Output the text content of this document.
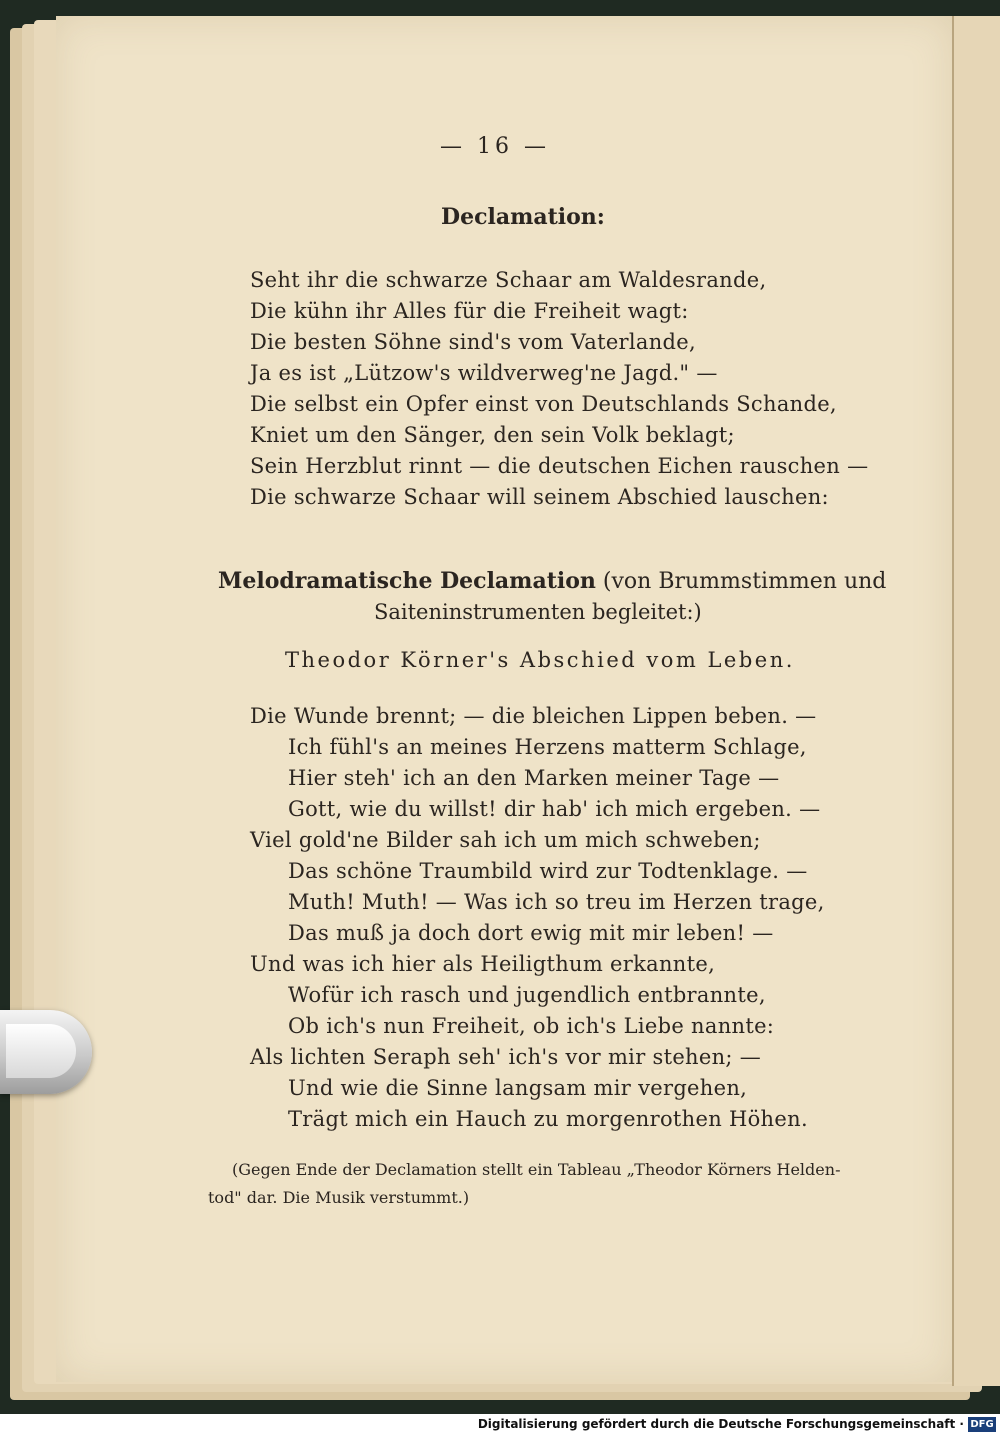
— 16 —
Declamation:
Seht ihr die schwarze Schaar am Waldesrande,
Die kühn ihr Alles für die Freiheit wagt:
Die besten Söhne sind's vom Vaterlande,
Ja es ist „Lützow's wildverweg'ne Jagd." —
Die selbst ein Opfer einst von Deutschlands Schande,
Kniet um den Sänger, den sein Volk beklagt;
Sein Herzblut rinnt — die deutschen Eichen rauschen —
Die schwarze Schaar will seinem Abschied lauschen:
Melodramatische Declamation (von Brummstimmen und
Saiteninstrumenten begleitet:)
Theodor Körner's Abschied vom Leben.
Die Wunde brennt; — die bleichen Lippen beben. —
Ich fühl's an meines Herzens matterm Schlage,
Hier steh' ich an den Marken meiner Tage —
Gott, wie du willst! dir hab' ich mich ergeben. —
Viel gold'ne Bilder sah ich um mich schweben;
Das schöne Traumbild wird zur Todtenklage. —
Muth! Muth! — Was ich so treu im Herzen trage,
Das muß ja doch dort ewig mit mir leben! —
Und was ich hier als Heiligthum erkannte,
Wofür ich rasch und jugendlich entbrannte,
Ob ich's nun Freiheit, ob ich's Liebe nannte:
Als lichten Seraph seh' ich's vor mir stehen; —
Und wie die Sinne langsam mir vergehen,
Trägt mich ein Hauch zu morgenrothen Höhen.
(Gegen Ende der Declamation stellt ein Tableau „Theodor Körners Helden-
tod" dar. Die Musik verstummt.)
Digitalisierung gefördert durch die Deutsche Forschungsgemeinschaft · DFG
